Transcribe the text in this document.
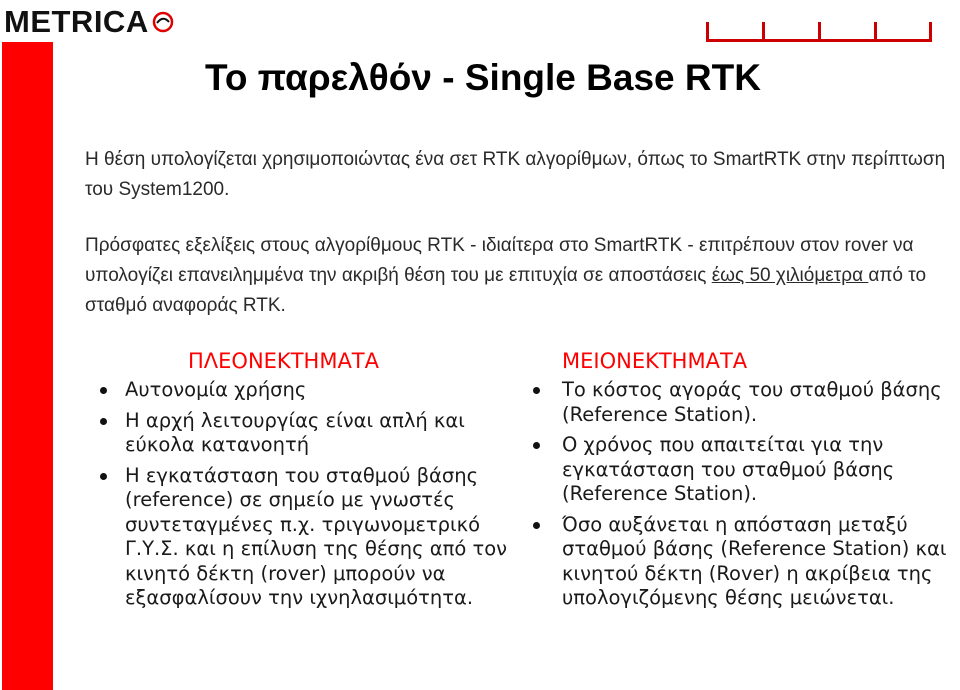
METRICA
Το παρελθόν - Single Base RTK
Η θέση υπολογίζεται χρησιμοποιώντας ένα σετ RTK αλγορίθμων, όπως το SmartRTK στην περίπτωση του System1200.
Πρόσφατες εξελίξεις στους αλγορίθμους RTK - ιδιαίτερα στο SmartRTK - επιτρέπουν στον rover να υπολογίζει επανειλημμένα την ακριβή θέση του με επιτυχία σε αποστάσεις έως 50 χιλιόμετρα από το σταθμό αναφοράς RTK.
ΠΛΕΟΝΕΚΤΗΜΑΤΑ
Αυτονομία χρήσης
Η αρχή λειτουργίας είναι απλή και εύκολα κατανοητή
Η εγκατάσταση του σταθμού βάσης (reference) σε σημείο με γνωστές συντεταγμένες π.χ. τριγωνομετρικό Γ.Υ.Σ. και η επίλυση της θέσης από τον κινητό δέκτη (rover) μπορούν να εξασφαλίσουν την ιχνηλασιμότητα.
ΜΕΙΟΝΕΚΤΗΜΑΤΑ
Το κόστος αγοράς του σταθμού βάσης (Reference Station).
Ο χρόνος που απαιτείται για την εγκατάσταση του σταθμού βάσης (Reference Station).
Όσο αυξάνεται η απόσταση μεταξύ σταθμού βάσης (Reference Station) και κινητού δέκτη (Rover) η ακρίβεια της υπολογιζόμενης θέσης μειώνεται.
